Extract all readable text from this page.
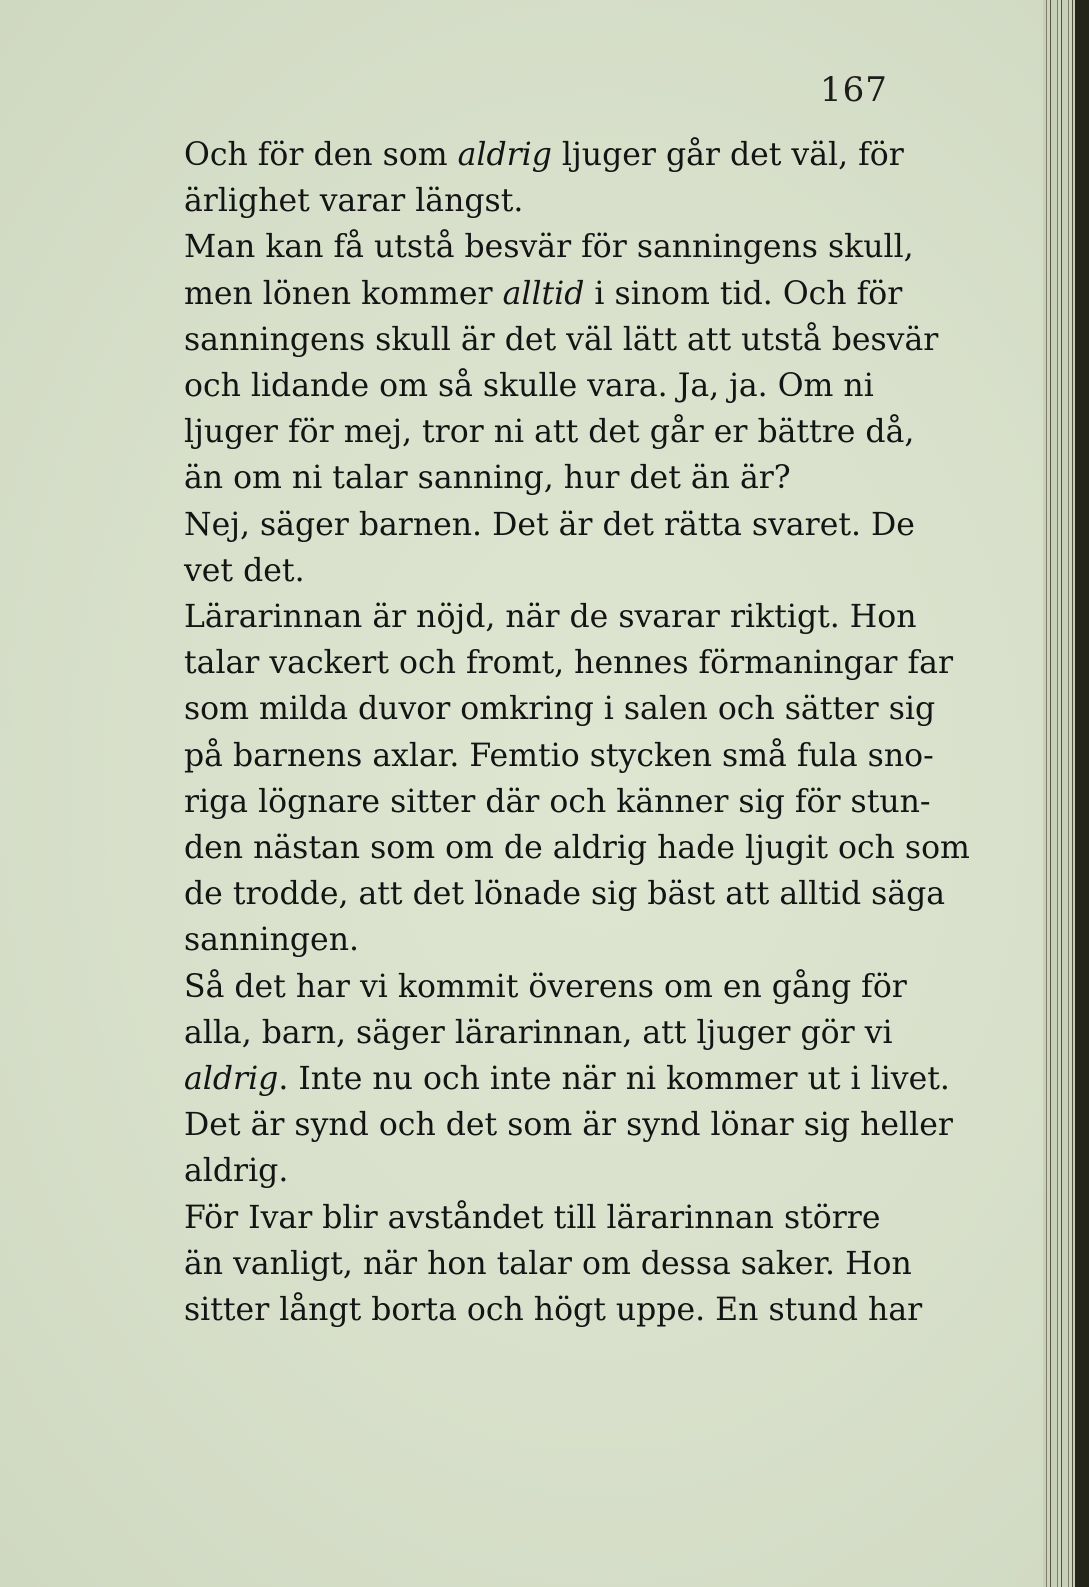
167

Och för den som aldrig ljuger går det väl, för
ärlighet varar längst.

Man kan få utstå besvär för sanningens skull,
men lönen kommer alltid i sinom tid. Och för
sanningens skull är det väl lätt att utstå besvär
och lidande om så skulle vara. Ja, ja. Om ni
ljuger för mej, tror ni att det går er bättre då,
än om ni talar sanning, hur det än är?

Nej, säger barnen. Det är det rätta svaret. De
vet det.

Lärarinnan är nöjd, när de svarar riktigt. Hon
talar vackert och fromt, hennes förmaningar far
som milda duvor omkring i salen och sätter sig
på barnens axlar. Femtio stycken små fula sno-
riga lögnare sitter där och känner sig för stun-
den nästan som om de aldrig hade ljugit och som
de trodde, att det lönade sig bäst att alltid säga
sanningen.

Så det har vi kommit överens om en gång för
alla, barn, säger lärarinnan, att ljuger gör vi
aldrig. Inte nu och inte när ni kommer ut i livet.
Det är synd och det som är synd lönar sig heller
aldrig.

För Ivar blir avståndet till lärarinnan större
än vanligt, när hon talar om dessa saker. Hon
sitter långt borta och högt uppe. En stund har
